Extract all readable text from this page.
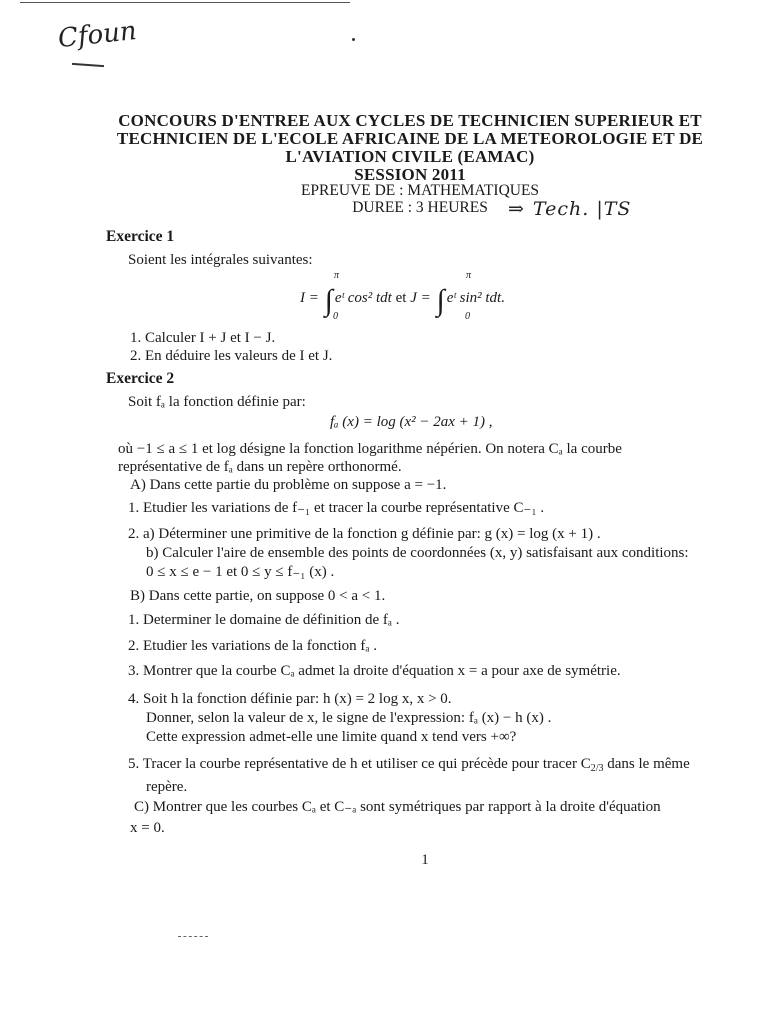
Cfoun
CONCOURS D'ENTREE AUX CYCLES DE TECHNICIEN SUPERIEUR ET
TECHNICIEN DE L'ECOLE AFRICAINE DE LA METEOROLOGIE ET DE
L'AVIATION CIVILE (EAMAC)
SESSION 2011
EPREUVE DE : MATHEMATIQUES
DUREE : 3 HEURES	⇒ Tech. |TS
Exercice 1
Soient les intégrales suivantes:
π
0
π
0
I = ∫ eᵗ cos² tdt et J = ∫ eᵗ sin² tdt.
1. Calculer I + J et I − J.
2. En déduire les valeurs de I et J.
Exercice 2
Soit fₐ la fonction définie par:
fₐ (x) = log (x² − 2ax + 1) ,
où −1 ≤ a ≤ 1 et log désigne la fonction logarithme népérien. On notera Cₐ la courbe
représentative de fₐ dans un repère orthonormé.
A) Dans cette partie du problème on suppose a = −1.
1. Etudier les variations de f₋₁ et tracer la courbe représentative C₋₁ .
2. a) Déterminer une primitive de la fonction g définie par: g (x) = log (x + 1) .
b) Calculer l'aire de ensemble des points de coordonnées (x, y) satisfaisant aux conditions:
0 ≤ x ≤ e − 1 et 0 ≤ y ≤ f₋₁ (x) .
B) Dans cette partie, on suppose 0 < a < 1.
1. Determiner le domaine de définition de fₐ .
2. Etudier les variations de la fonction fₐ .
3. Montrer que la courbe Cₐ admet la droite d'équation x = a pour axe de symétrie.
4. Soit h la fonction définie par: h (x) = 2 log x, x > 0.
Donner, selon la valeur de x, le signe de l'expression: fₐ (x) − h (x) .
Cette expression admet-elle une limite quand x tend vers +∞?
5. Tracer la courbe représentative de h et utiliser ce qui précède pour tracer $C_{2/3}$ dans le même
repère.
C) Montrer que les courbes Cₐ et C₋ₐ sont symétriques par rapport à la droite d'équation
x = 0.
1
